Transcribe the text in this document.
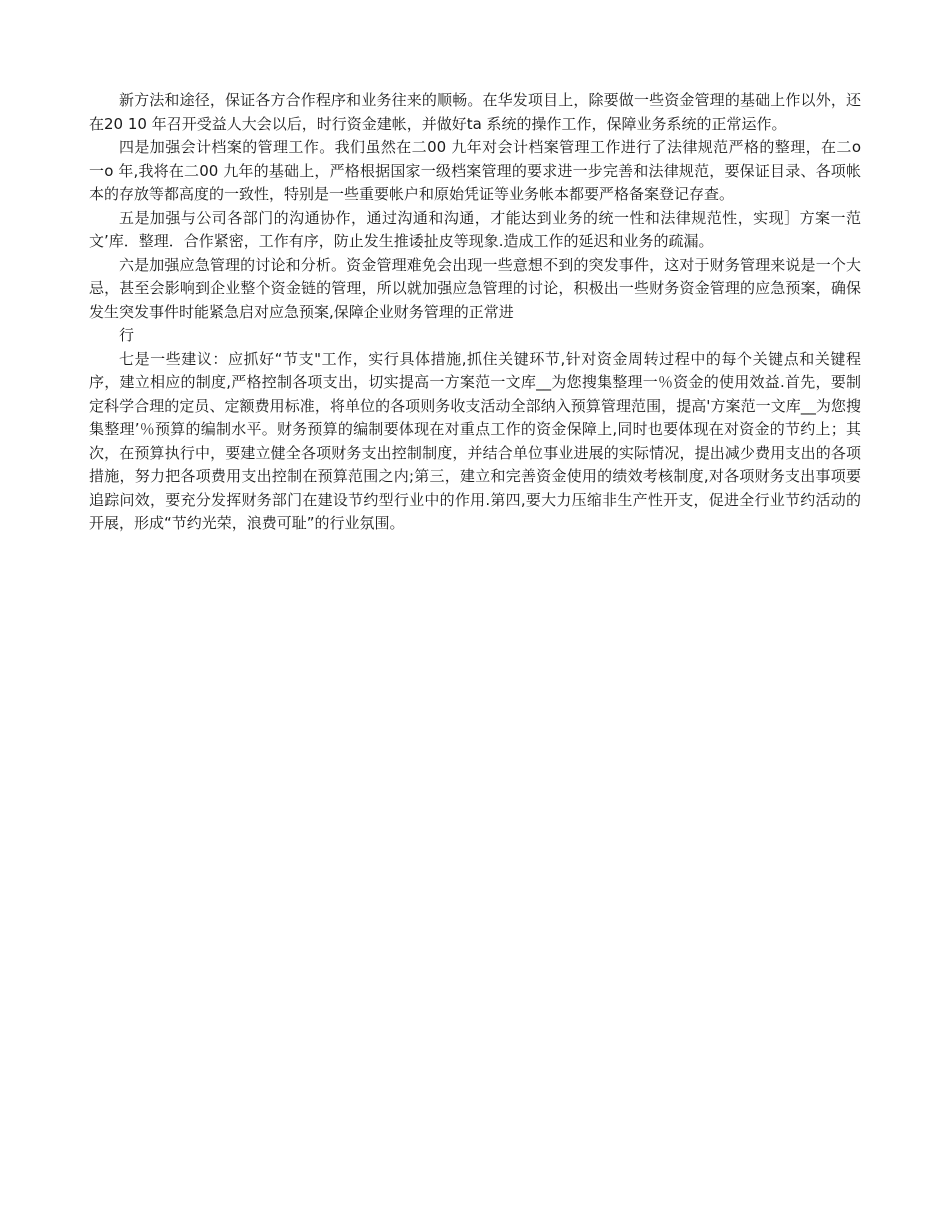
新方法和途径，保证各方合作程序和业务往来的顺畅。在华发项目上，除要做一些资金管理的基础上作以外，还在20 10 年召开受益人大会以后，时行资金建帐，并做好ta 系统的操作工作，保障业务系统的正常运作。

四是加强会计档案的管理工作。我们虽然在二00 九年对会计档案管理工作进行了法律规范严格的整理，在二o 一o 年,我将在二00 九年的基础上，严格根据国家一级档案管理的要求进一步完善和法律规范，要保证目录、各项帐本的存放等都高度的一致性，特别是一些重要帐户和原始凭证等业务帐本都要严格备案登记存查。

五是加强与公司各部门的沟通协作，通过沟通和沟通，才能达到业务的统一性和法律规范性，实现］方案一范文’库．整理．合作紧密，工作有序，防止发生推诿扯皮等现象.造成工作的延迟和业务的疏漏。

六是加强应急管理的讨论和分析。资金管理难免会出现一些意想不到的突发事件，这对于财务管理来说是一个大忌，甚至会影响到企业整个资金链的管理，所以就加强应急管理的讨论，积极出一些财务资金管理的应急预案，确保发生突发事件时能紧急启对应急预案,保障企业财务管理的正常进

行

七是一些建议：应抓好“节支"工作，实行具体措施,抓住关键环节,针对资金周转过程中的每个关键点和关键程序，建立相应的制度,严格控制各项支出，切实提高一方案范一文库__为您搜集整理一％资金的使用效益.首先，要制定科学合理的定员、定额费用标准，将单位的各项则务收支活动全部纳入预算管理范围，提高'方案范一文库__为您搜集整理’％预算的编制水平。财务预算的编制要体现在对重点工作的资金保障上,同时也要体现在对资金的节约上；其次，在预算执行中，要建立健全各项财务支出控制制度，并结合单位事业进展的实际情况，提出减少费用支出的各项措施，努力把各项费用支出控制在预算范围之内;第三，建立和完善资金使用的绩效考核制度,对各项财务支出事项要追踪问效，要充分发挥财务部门在建设节约型行业中的作用.第四,要大力压缩非生产性开支，促进全行业节约活动的开展，形成“节约光荣，浪费可耻”的行业氛围。
